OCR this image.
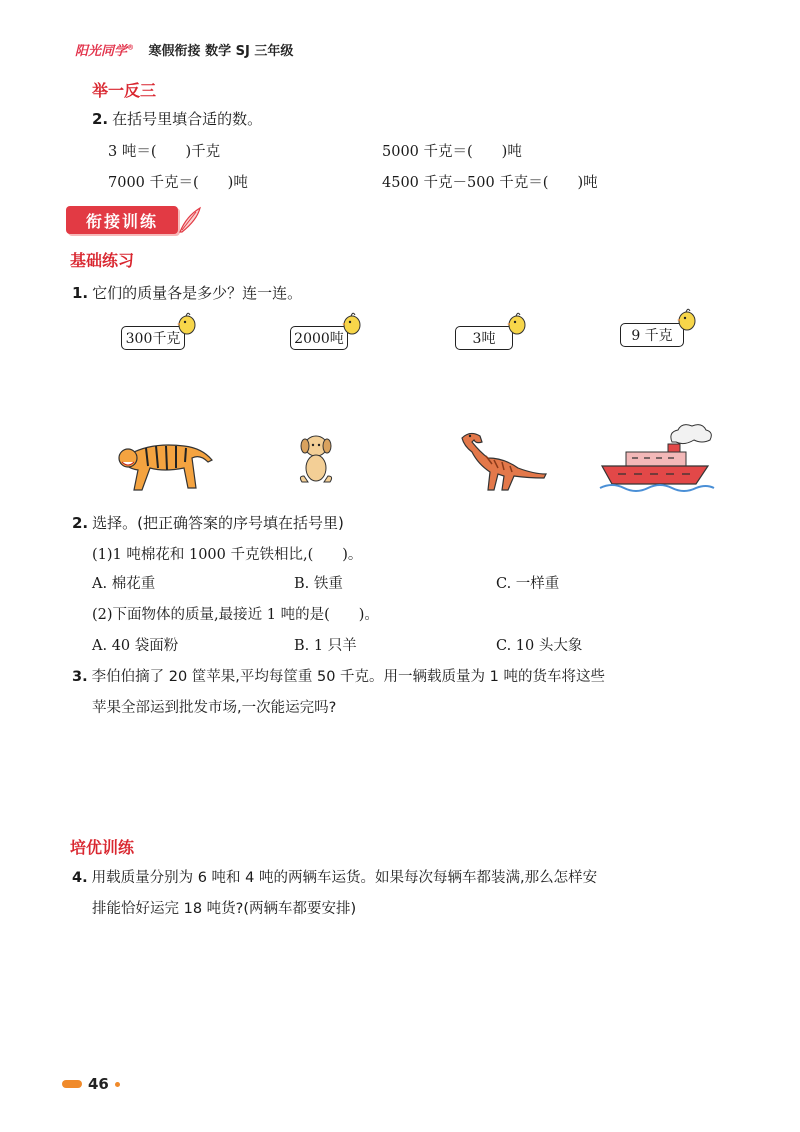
阳光同学® 寒假衔接 数学 SJ 三年级
举一反三
2. 在括号里填合适的数。
3 吨＝(　　)千克	5000 千克＝(　　)吨
7000 千克＝(　　)吨	4500 千克－500 千克＝(　　)吨
衔接训练
基础练习
1. 它们的质量各是多少？连一连。
300千克	2000吨	3吨	9 千克
2. 选择。(把正确答案的序号填在括号里)
(1)1 吨棉花和 1000 千克铁相比,(　　)。
A. 棉花重	B. 铁重	C. 一样重
(2)下面物体的质量,最接近 1 吨的是(　　)。
A. 40 袋面粉	B. 1 只羊	C. 10 头大象
3. 李伯伯摘了 20 筐苹果,平均每筐重 50 千克。用一辆载质量为 1 吨的货车将这些
苹果全部运到批发市场,一次能运完吗?
培优训练
4. 用载质量分别为 6 吨和 4 吨的两辆车运货。如果每次每辆车都装满,那么怎样安
排能恰好运完 18 吨货?(两辆车都要安排)
46
